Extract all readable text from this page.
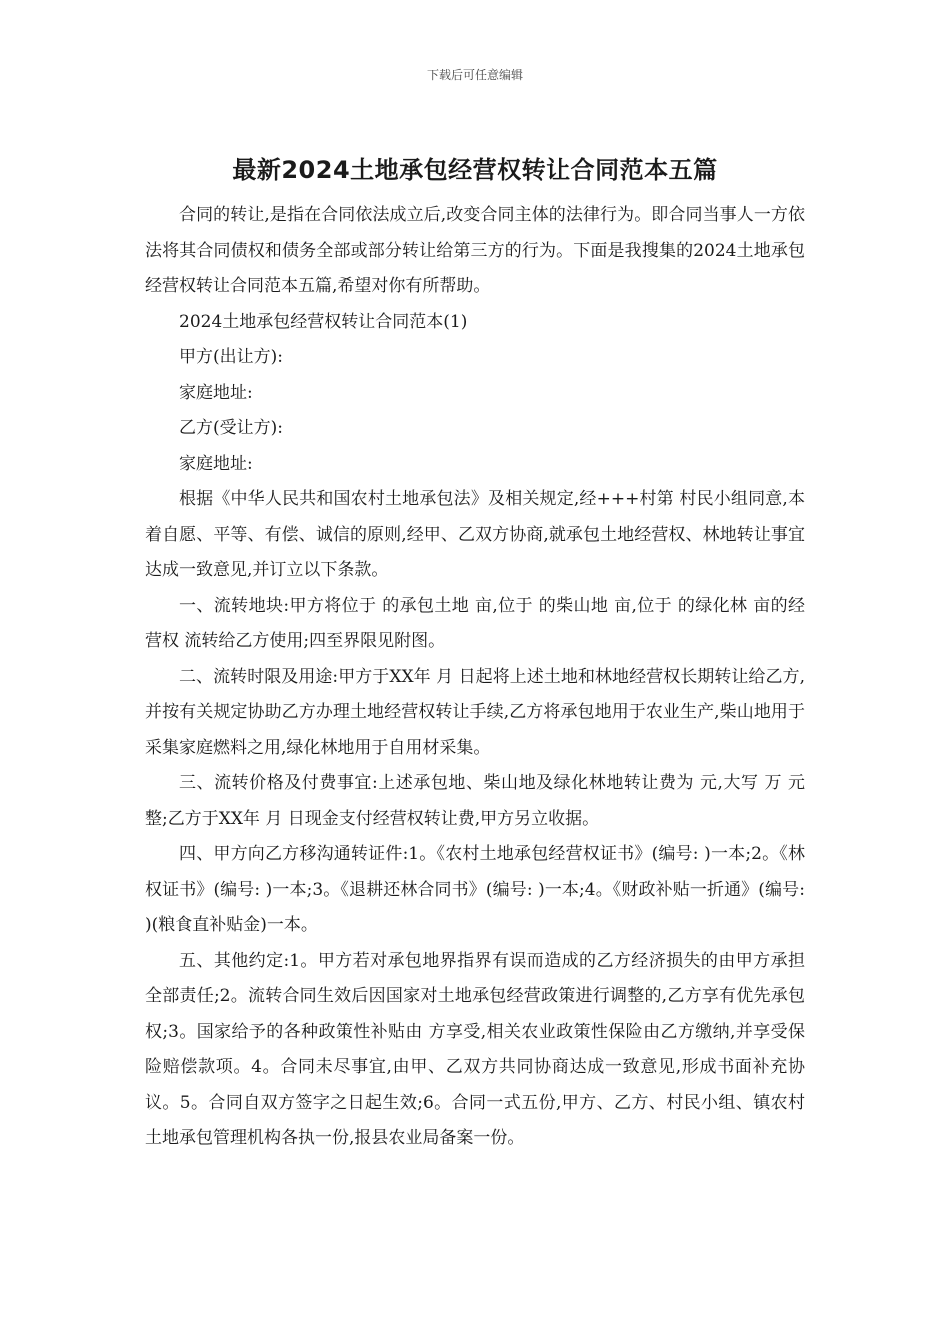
下载后可任意编辑
最新2024土地承包经营权转让合同范本五篇

合同的转让,是指在合同依法成立后,改变合同主体的法律行为。即合同当事人一方依法将其合同债权和债务全部或部分转让给第三方的行为。下面是我搜集的2024土地承包经营权转让合同范本五篇,希望对你有所帮助。

2024土地承包经营权转让合同范本(1)

甲方(出让方):

家庭地址:

乙方(受让方):

家庭地址:

根据《中华人民共和国农村土地承包法》及相关规定,经+++村第 村民小组同意,本着自愿、平等、有偿、诚信的原则,经甲、乙双方协商,就承包土地经营权、林地转让事宜达成一致意见,并订立以下条款。

一、流转地块:甲方将位于 的承包土地 亩,位于 的柴山地 亩,位于 的绿化林 亩的经营权 流转给乙方使用;四至界限见附图。

二、流转时限及用途:甲方于XX年 月 日起将上述土地和林地经营权长期转让给乙方,并按有关规定协助乙方办理土地经营权转让手续,乙方将承包地用于农业生产,柴山地用于采集家庭燃料之用,绿化林地用于自用材采集。

三、流转价格及付费事宜:上述承包地、柴山地及绿化林地转让费为 元,大写 万 元整;乙方于XX年 月 日现金支付经营权转让费,甲方另立收据。

四、甲方向乙方移沟通转证件:1。《农村土地承包经营权证书》(编号: )一本;2。《林权证书》(编号: )一本;3。《退耕还林合同书》(编号: )一本;4。《财政补贴一折通》(编号: )(粮食直补贴金)一本。

五、其他约定:1。甲方若对承包地界指界有误而造成的乙方经济损失的由甲方承担全部责任;2。流转合同生效后因国家对土地承包经营政策进行调整的,乙方享有优先承包权;3。国家给予的各种政策性补贴由 方享受,相关农业政策性保险由乙方缴纳,并享受保险赔偿款项。4。合同未尽事宜,由甲、乙双方共同协商达成一致意见,形成书面补充协议。5。合同自双方签字之日起生效;6。合同一式五份,甲方、乙方、村民小组、镇农村土地承包管理机构各执一份,报县农业局备案一份。
